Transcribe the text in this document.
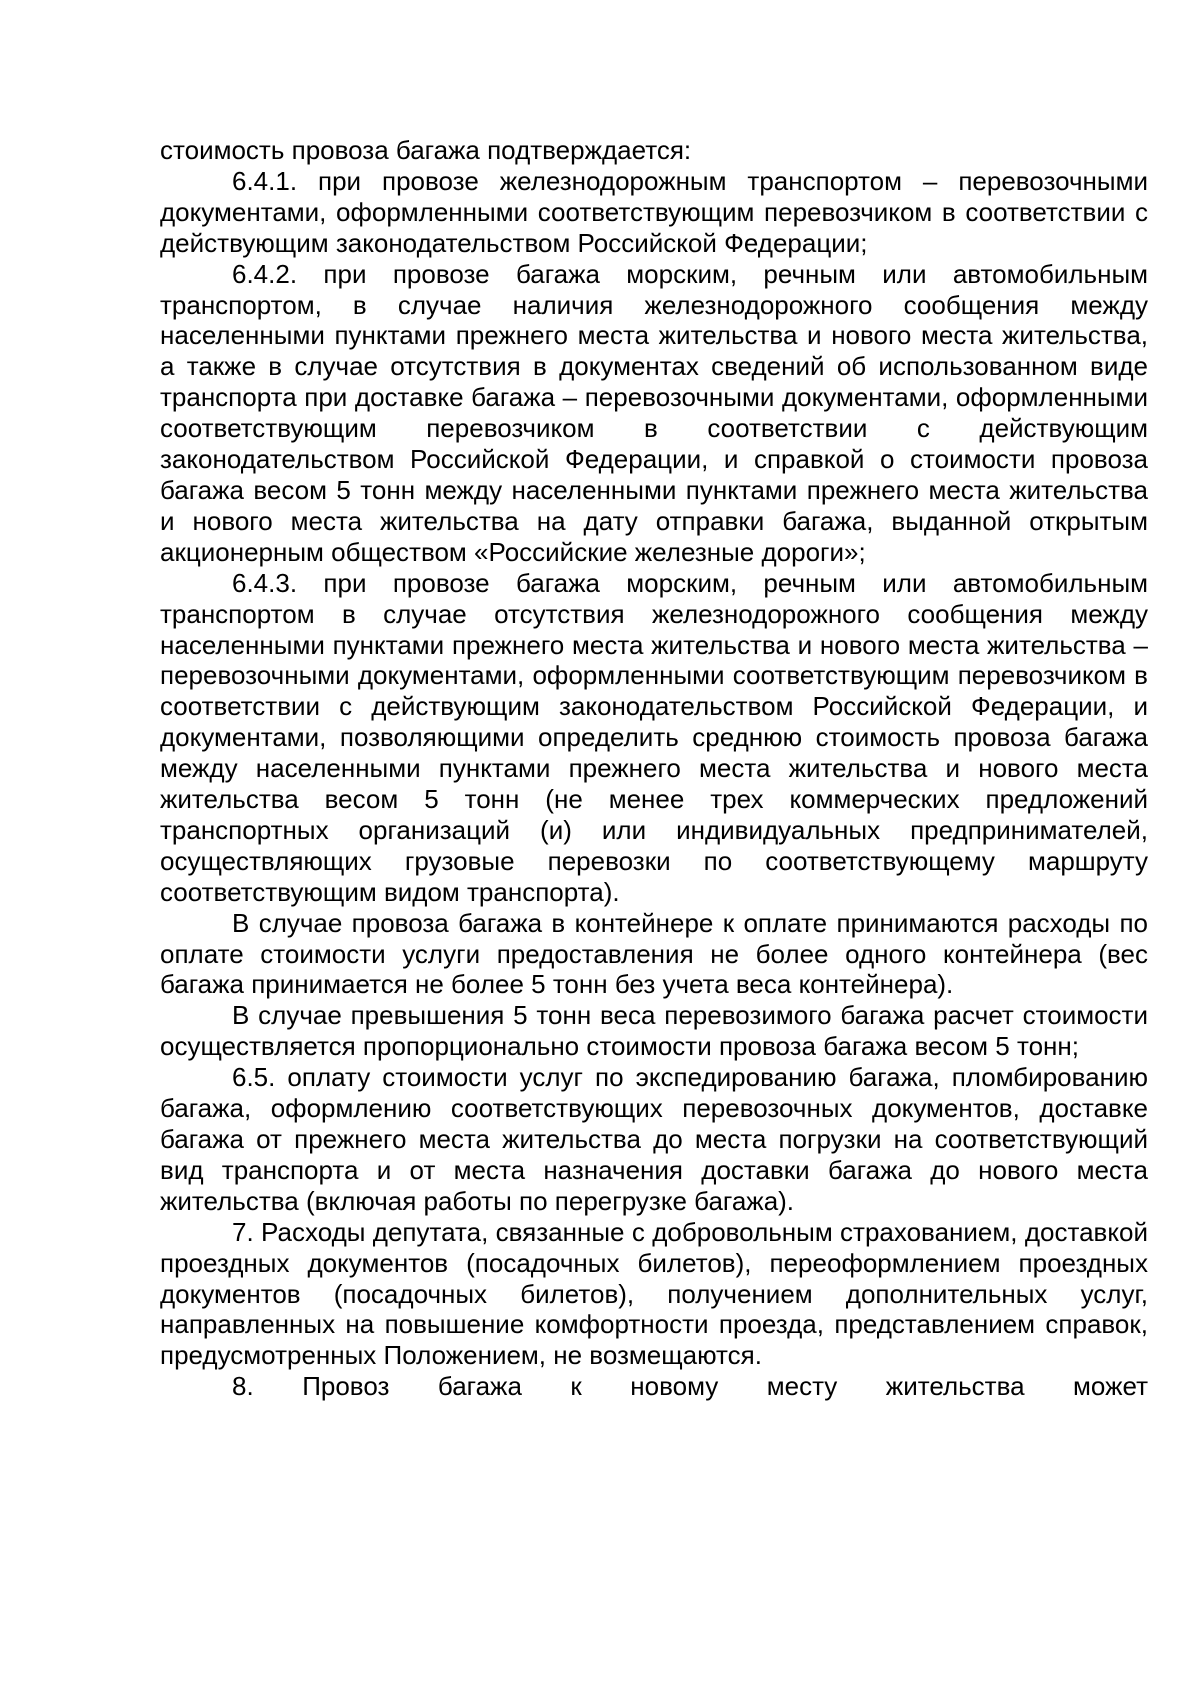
стоимость провоза багажа подтверждается:

6.4.1. при провозе железнодорожным транспортом – перевозочными документами, оформленными соответствующим перевозчиком в соответствии с действующим законодательством Российской Федерации;

6.4.2. при провозе багажа морским, речным или автомобильным транспортом, в случае наличия железнодорожного сообщения между населенными пунктами прежнего места жительства и нового места жительства, а также в случае отсутствия в документах сведений об использованном виде транспорта при доставке багажа – перевозочными документами, оформленными соответствующим перевозчиком в соответствии с действующим законодательством Российской Федерации, и справкой о стоимости провоза багажа весом 5 тонн между населенными пунктами прежнего места жительства и нового места жительства на дату отправки багажа, выданной открытым акционерным обществом «Российские железные дороги»;

6.4.3. при провозе багажа морским, речным или автомобильным транспортом в случае отсутствия железнодорожного сообщения между населенными пунктами прежнего места жительства и нового места жительства – перевозочными документами, оформленными соответствующим перевозчиком в соответствии с действующим законодательством Российской Федерации, и документами, позволяющими определить среднюю стоимость провоза багажа между населенными пунктами прежнего места жительства и нового места жительства весом 5 тонн (не менее трех коммерческих предложений транспортных организаций (и) или индивидуальных предпринимателей, осуществляющих грузовые перевозки по соответствующему маршруту соответствующим видом транспорта).

В случае провоза багажа в контейнере к оплате принимаются расходы по оплате стоимости услуги предоставления не более одного контейнера (вес багажа принимается не более 5 тонн без учета веса контейнера).

В случае превышения 5 тонн веса перевозимого багажа расчет стоимости осуществляется пропорционально стоимости провоза багажа весом 5 тонн;

6.5. оплату стоимости услуг по экспедированию багажа, пломбированию багажа, оформлению соответствующих перевозочных документов, доставке багажа от прежнего места жительства до места погрузки на соответствующий вид транспорта и от места назначения доставки багажа до нового места жительства (включая работы по перегрузке багажа).

7. Расходы депутата, связанные с добровольным страхованием, доставкой проездных документов (посадочных билетов), переоформлением проездных документов (посадочных билетов), получением дополнительных услуг, направленных на повышение комфортности проезда, представлением справок, предусмотренных Положением, не возмещаются.

8. Провоз багажа к новому месту жительства может
